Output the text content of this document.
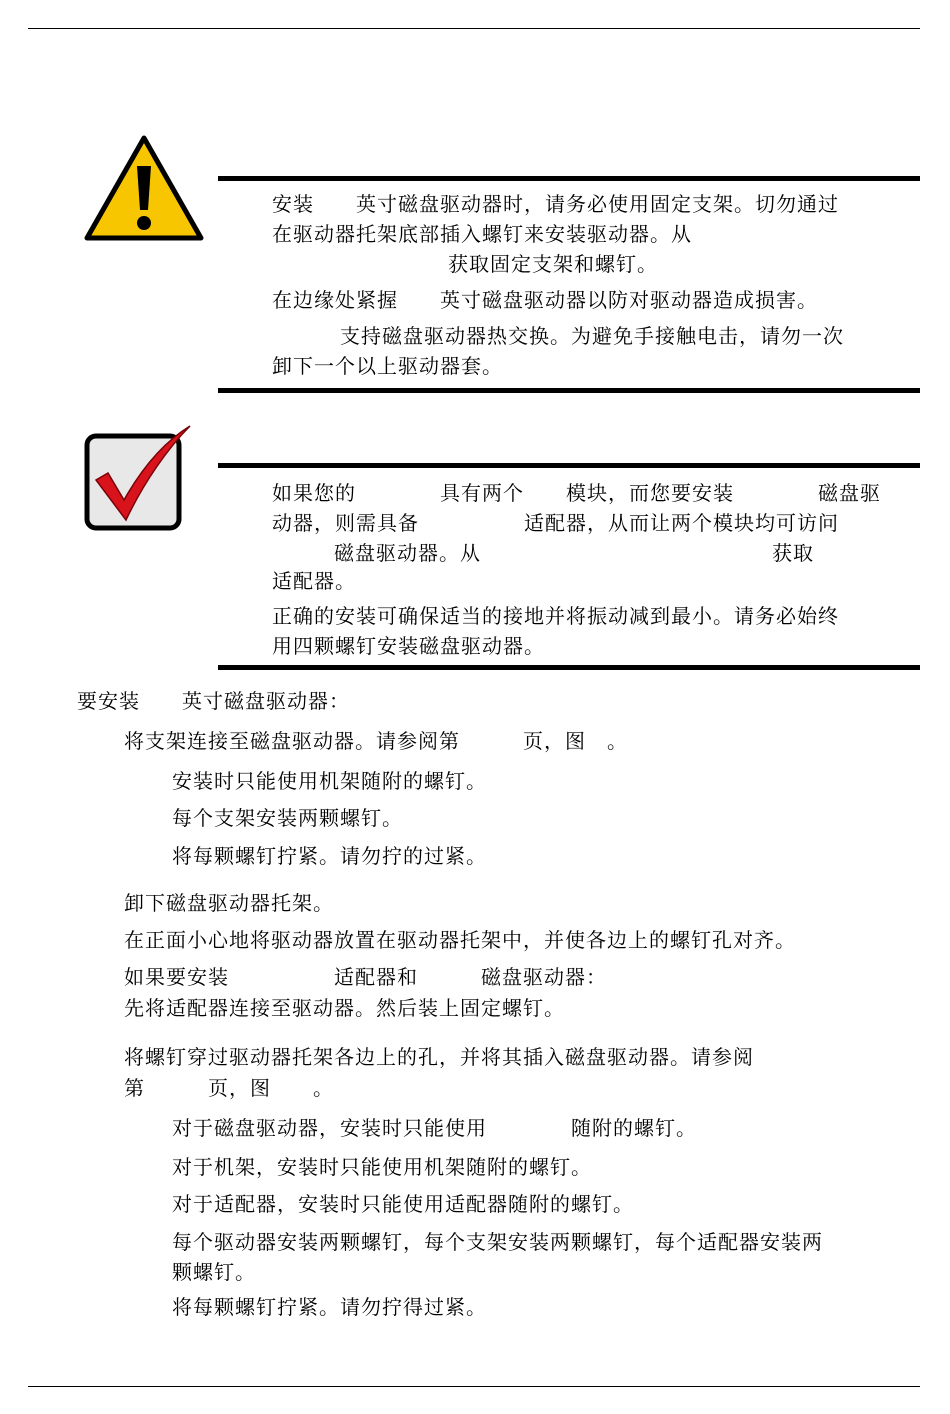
安装　　英寸磁盘驱动器时，请务必使用固定支架。切勿通过

在驱动器托架底部插入螺钉来安装驱动器。从

获取固定支架和螺钉。

在边缘处紧握　　英寸磁盘驱动器以防对驱动器造成损害。

支持磁盘驱动器热交换。为避免手接触电击，请勿一次

卸下一个以上驱动器套。

如果您的　　　　具有两个　　模块，而您要安装　　　　磁盘驱

动器，则需具备　　　　　适配器，从而让两个模块均可访问

磁盘驱动器。从	获取

适配器。

正确的安装可确保适当的接地并将振动减到最小。请务必始终

用四颗螺钉安装磁盘驱动器。

要安装　　英寸磁盘驱动器：

将支架连接至磁盘驱动器。请参阅第　　　页，图　。

安装时只能使用机架随附的螺钉。

每个支架安装两颗螺钉。

将每颗螺钉拧紧。请勿拧的过紧。

卸下磁盘驱动器托架。

在正面小心地将驱动器放置在驱动器托架中，并使各边上的螺钉孔对齐。

如果要安装　　　　　适配器和　　　磁盘驱动器：

先将适配器连接至驱动器。然后装上固定螺钉。

将螺钉穿过驱动器托架各边上的孔，并将其插入磁盘驱动器。请参阅

第　　　页，图　　。

对于磁盘驱动器，安装时只能使用　　　　随附的螺钉。

对于机架，安装时只能使用机架随附的螺钉。

对于适配器，安装时只能使用适配器随附的螺钉。

每个驱动器安装两颗螺钉，每个支架安装两颗螺钉，每个适配器安装两

颗螺钉。

将每颗螺钉拧紧。请勿拧得过紧。
